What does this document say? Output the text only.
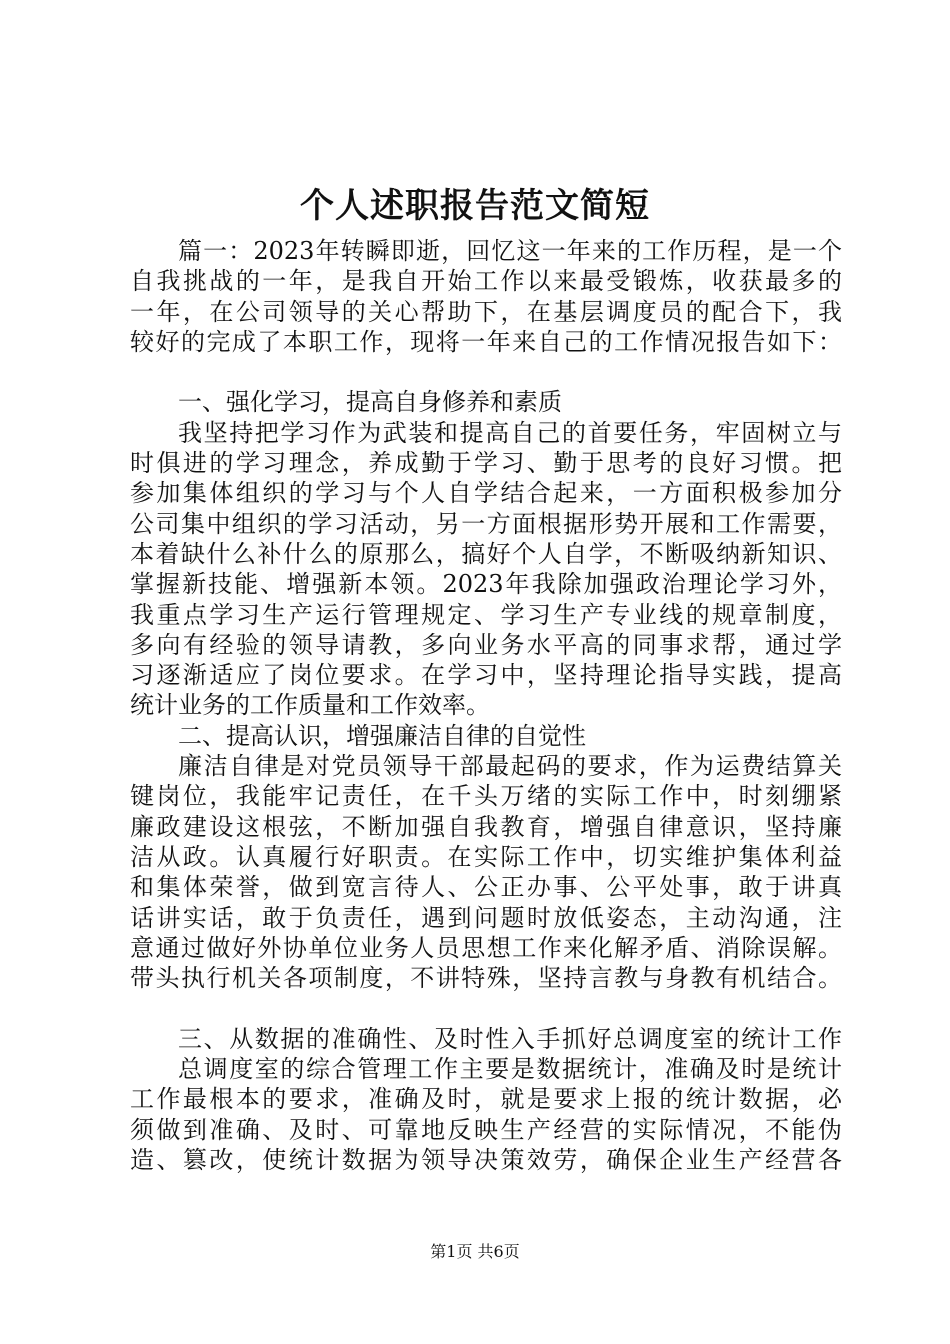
个人述职报告范文简短
篇一：2023年转瞬即逝，回忆这一年来的工作历程，是一个
自我挑战的一年，是我自开始工作以来最受锻炼，收获最多的
一年，在公司领导的关心帮助下，在基层调度员的配合下，我
较好的完成了本职工作，现将一年来自己的工作情况报告如下：
一、强化学习，提高自身修养和素质
我坚持把学习作为武装和提高自己的首要任务，牢固树立与
时俱进的学习理念，养成勤于学习、勤于思考的良好习惯。把
参加集体组织的学习与个人自学结合起来，一方面积极参加分
公司集中组织的学习活动，另一方面根据形势开展和工作需要，
本着缺什么补什么的原那么，搞好个人自学，不断吸纳新知识、
掌握新技能、增强新本领。2023年我除加强政治理论学习外，
我重点学习生产运行管理规定、学习生产专业线的规章制度，
多向有经验的领导请教，多向业务水平高的同事求帮，通过学
习逐渐适应了岗位要求。在学习中，坚持理论指导实践，提高
统计业务的工作质量和工作效率。
二、提高认识，增强廉洁自律的自觉性
廉洁自律是对党员领导干部最起码的要求，作为运费结算关
键岗位，我能牢记责任，在千头万绪的实际工作中，时刻绷紧
廉政建设这根弦，不断加强自我教育，增强自律意识，坚持廉
洁从政。认真履行好职责。在实际工作中，切实维护集体利益
和集体荣誉，做到宽言待人、公正办事、公平处事，敢于讲真
话讲实话，敢于负责任，遇到问题时放低姿态，主动沟通，注
意通过做好外协单位业务人员思想工作来化解矛盾、消除误解。
带头执行机关各项制度，不讲特殊，坚持言教与身教有机结合。
三、从数据的准确性、及时性入手抓好总调度室的统计工作
总调度室的综合管理工作主要是数据统计，准确及时是统计
工作最根本的要求，准确及时，就是要求上报的统计数据，必
须做到准确、及时、可靠地反映生产经营的实际情况，不能伪
造、篡改，使统计数据为领导决策效劳，确保企业生产经营各
第1页 共6页
